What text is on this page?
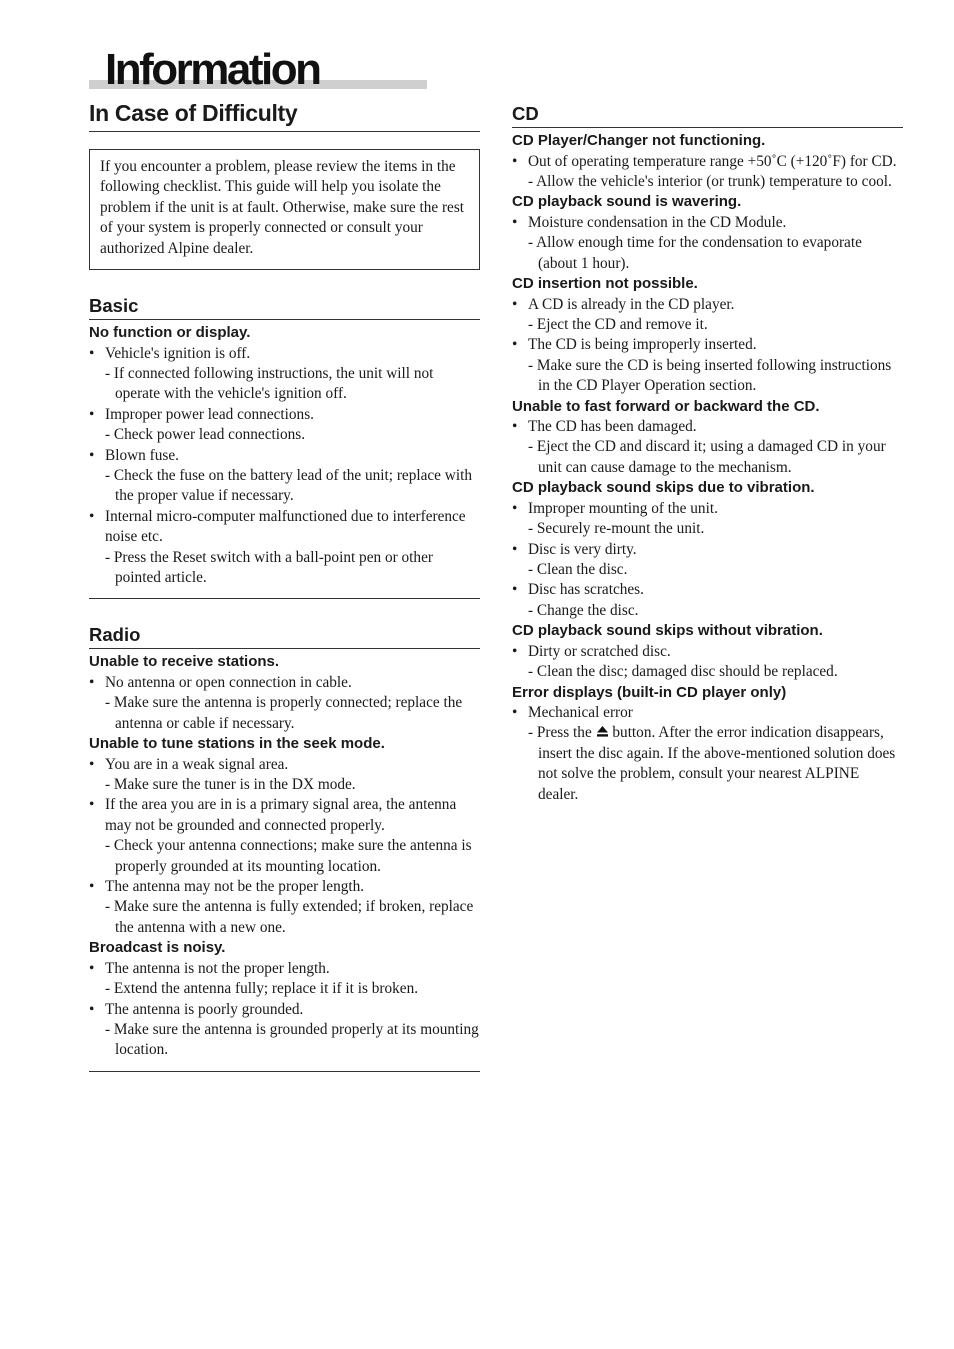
Information
In Case of Difficulty
If you encounter a problem, please review the items in the following checklist. This guide will help you isolate the problem if the unit is at fault. Otherwise, make sure the rest of your system is properly connected or consult your authorized Alpine dealer.
Basic
No function or display.
• Vehicle's ignition is off.
- If connected following instructions, the unit will not operate with the vehicle's ignition off.
• Improper power lead connections.
- Check power lead connections.
• Blown fuse.
- Check the fuse on the battery lead of the unit; replace with the proper value if necessary.
• Internal micro-computer malfunctioned due to interference noise etc.
- Press the Reset switch with a ball-point pen or other pointed article.
Radio
Unable to receive stations.
• No antenna or open connection in cable.
- Make sure the antenna is properly connected; replace the antenna or cable if necessary.
Unable to tune stations in the seek mode.
• You are in a weak signal area.
- Make sure the tuner is in the DX mode.
• If the area you are in is a primary signal area, the antenna may not be grounded and connected properly.
- Check your antenna connections; make sure the antenna is properly grounded at its mounting location.
• The antenna may not be the proper length.
- Make sure the antenna is fully extended; if broken, replace the antenna with a new one.
Broadcast is noisy.
• The antenna is not the proper length.
- Extend the antenna fully; replace it if it is broken.
• The antenna is poorly grounded.
- Make sure the antenna is grounded properly at its mounting location.
CD
CD Player/Changer not functioning.
• Out of operating temperature range +50˚C (+120˚F) for CD.
- Allow the vehicle's interior (or trunk) temperature to cool.
CD playback sound is wavering.
• Moisture condensation in the CD Module.
- Allow enough time for the condensation to evaporate (about 1 hour).
CD insertion not possible.
• A CD is already in the CD player.
- Eject the CD and remove it.
• The CD is being improperly inserted.
- Make sure the CD is being inserted following instructions in the CD Player Operation section.
Unable to fast forward or backward the CD.
• The CD has been damaged.
- Eject the CD and discard it; using a damaged CD in your unit can cause damage to the mechanism.
CD playback sound skips due to vibration.
• Improper mounting of the unit.
- Securely re-mount the unit.
• Disc is very dirty.
- Clean the disc.
• Disc has scratches.
- Change the disc.
CD playback sound skips without vibration.
• Dirty or scratched disc.
- Clean the disc; damaged disc should be replaced.
Error displays (built-in CD player only)
• Mechanical error
- Press the button. After the error indication disappears, insert the disc again. If the above-mentioned solution does not solve the problem, consult your nearest ALPINE dealer.
